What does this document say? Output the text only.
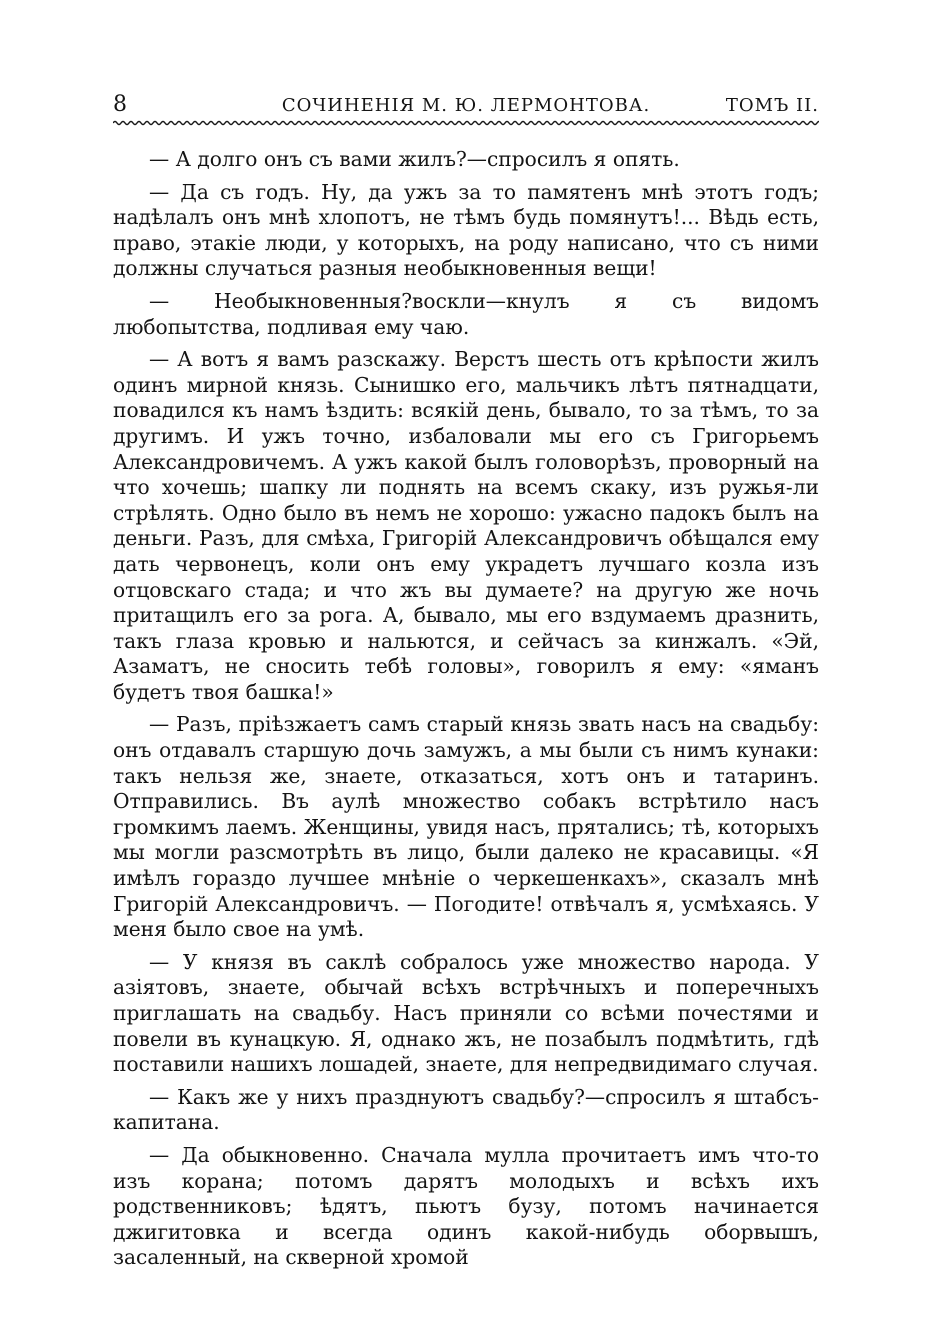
8	СОЧИНЕНІЯ М. Ю. ЛЕРМОНТОВА.	ТОМЪ II.

— А долго онъ съ вами жилъ?—спросилъ я опять.

— Да съ годъ. Ну, да ужъ за то памятенъ мнѣ этотъ годъ; надѣлалъ онъ мнѣ хлопотъ, не тѣмъ будь помянутъ!... Вѣдь есть, право, этакіе люди, у которыхъ, на роду написано, что съ ними должны случаться разныя необыкновенныя вещи!

— Необыкновенныя?воскли—кнулъ я съ видомъ любопытства, подливая ему чаю.

— А вотъ я вамъ разскажу. Верстъ шесть отъ крѣпости жилъ одинъ мирной князь. Сынишко его, мальчикъ лѣтъ пятнадцати, повадился къ намъ ѣздить: всякій день, бывало, то за тѣмъ, то за другимъ. И ужъ точно, избаловали мы его съ Григорьемъ Александровичемъ. А ужъ какой былъ головорѣзъ, проворный на что хочешь; шапку ли поднять на всемъ скаку, изъ ружья-ли стрѣлять. Одно было въ немъ не хорошо: ужасно падокъ былъ на деньги. Разъ, для смѣха, Григорій Александровичъ обѣщался ему дать червонецъ, коли онъ ему украдетъ лучшаго козла изъ отцовскаго стада; и что жъ вы думаете? на другую же ночь притащилъ его за рога. А, бывало, мы его вздумаемъ дразнить, такъ глаза кровью и нальются, и сейчасъ за кинжалъ. «Эй, Азаматъ, не сносить тебѣ головы», говорилъ я ему: «яманъ будетъ твоя башка!»

— Разъ, пріѣзжаетъ самъ старый князь звать насъ на свадьбу: онъ отдавалъ старшую дочь замужъ, а мы были съ нимъ кунаки: такъ нельзя же, знаете, отказаться, хотъ онъ и татаринъ. Отправились. Въ аулѣ множество собакъ встрѣтило насъ громкимъ лаемъ. Женщины, увидя насъ, прятались; тѣ, которыхъ мы могли разсмотрѣть въ лицо, были далеко не красавицы. «Я имѣлъ гораздо лучшее мнѣніе о черкешенкахъ», сказалъ мнѣ Григорій Александровичъ. — Погодите! отвѣчалъ я, усмѣхаясь. У меня было свое на умѣ.

— У князя въ саклѣ собралось уже множество народа. У азіятовъ, знаете, обычай всѣхъ встрѣчныхъ и поперечныхъ приглашать на свадьбу. Насъ приняли со всѣми почестями и повели въ кунацкую. Я, однако жъ, не позабылъ подмѣтить, гдѣ поставили нашихъ лошадей, знаете, для непредвидимаго случая.

— Какъ же у нихъ празднуютъ свадьбу?—спросилъ я штабсъ-капитана.

— Да обыкновенно. Сначала мулла прочитаетъ имъ что-то изъ корана; потомъ дарятъ молодыхъ и всѣхъ ихъ родственниковъ; ѣдятъ, пьютъ бузу, потомъ начинается джигитовка и всегда одинъ какой-нибудь оборвышъ, засаленный, на скверной хромой
